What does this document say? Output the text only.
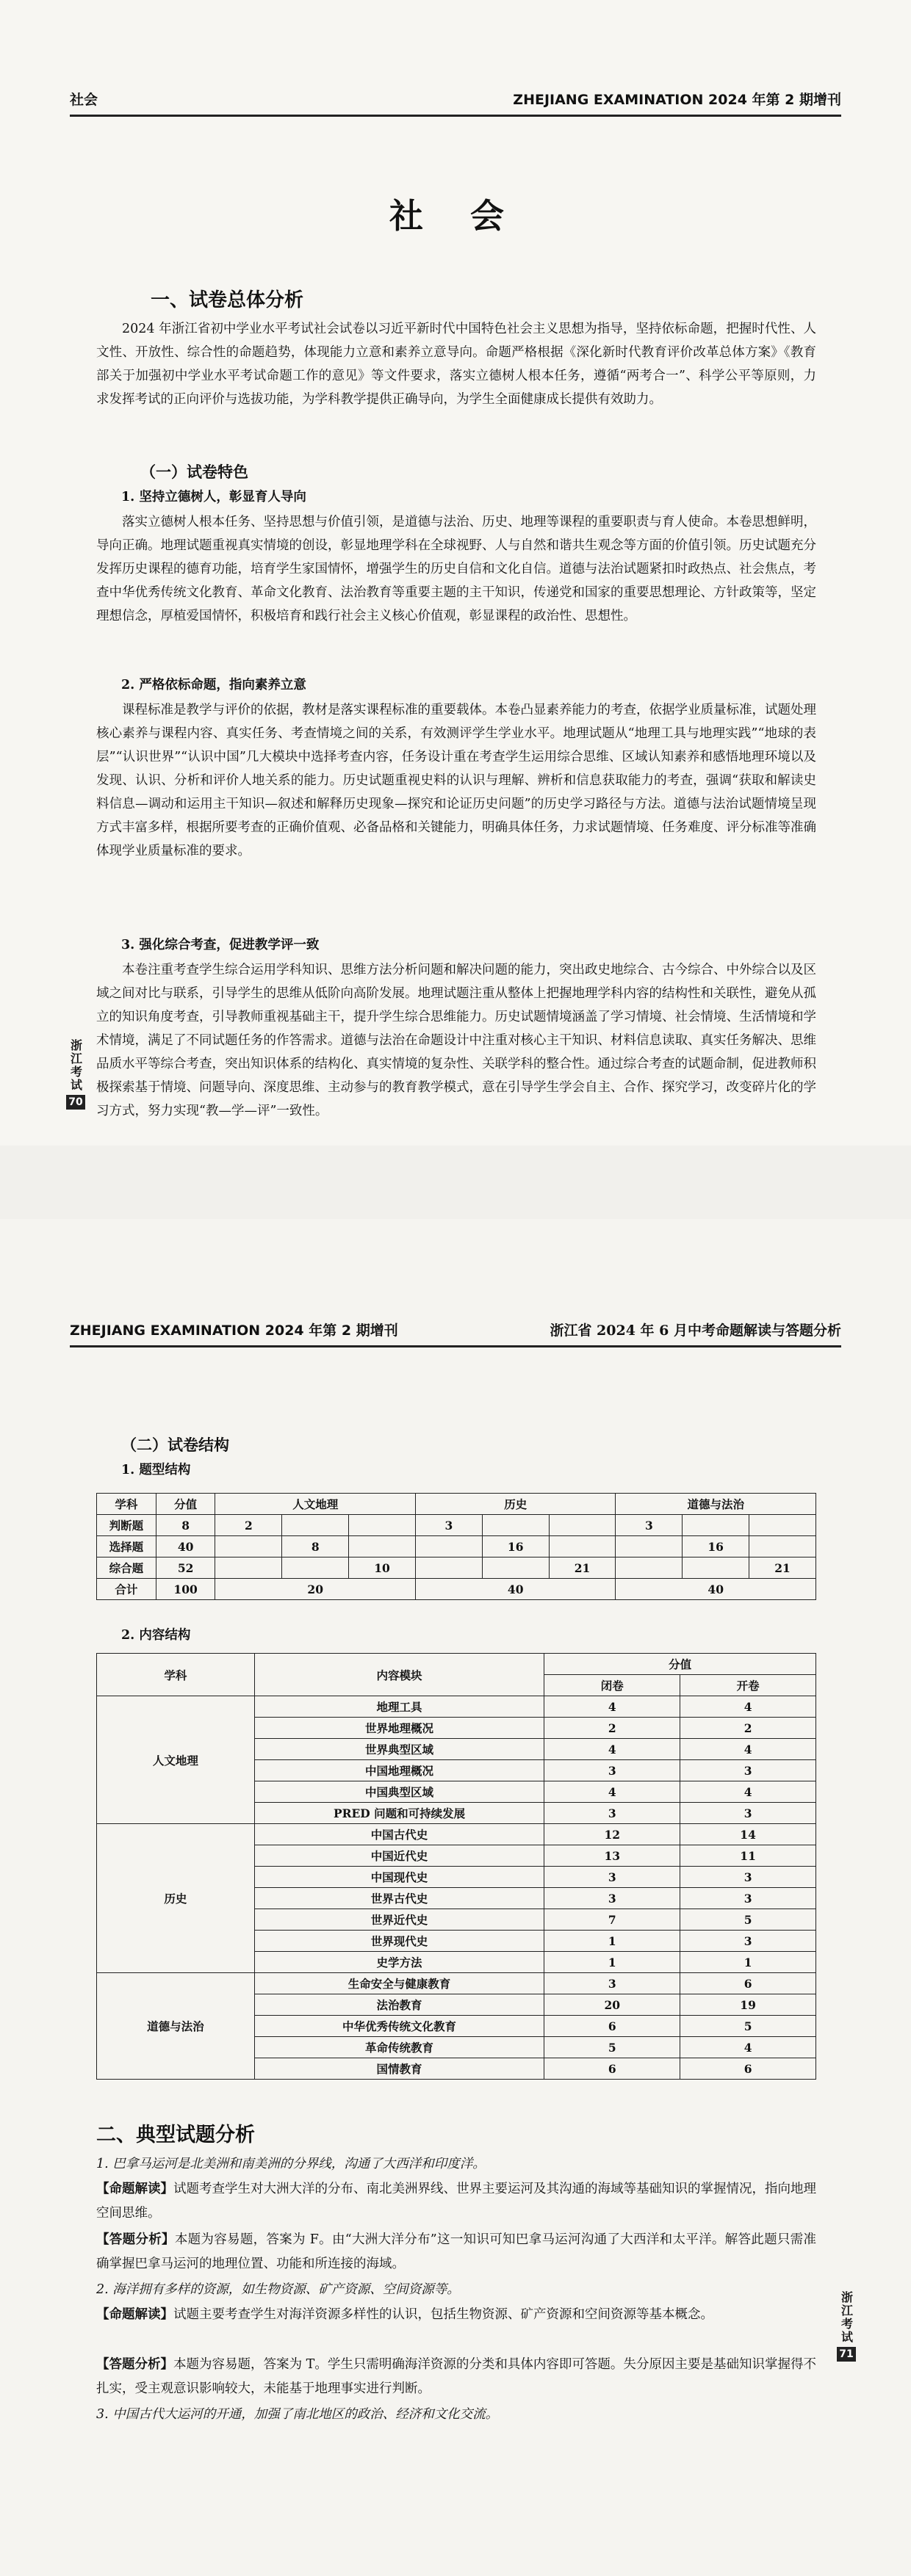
社会	ZHEJIANG EXAMINATION 2024 年第 2 期增刊
社 会
一、试卷总体分析
2024 年浙江省初中学业水平考试社会试卷以习近平新时代中国特色社会主义思想为指导，坚持依标命题，把握时代性、人文性、开放性、综合性的命题趋势，体现能力立意和素养立意导向。命题严格根据《深化新时代教育评价改革总体方案》《教育部关于加强初中学业水平考试命题工作的意见》等文件要求，落实立德树人根本任务，遵循“两考合一”、科学公平等原则，力求发挥考试的正向评价与选拔功能，为学科教学提供正确导向，为学生全面健康成长提供有效助力。
（一）试卷特色
1. 坚持立德树人，彰显育人导向
落实立德树人根本任务、坚持思想与价值引领，是道德与法治、历史、地理等课程的重要职责与育人使命。本卷思想鲜明，导向正确。地理试题重视真实情境的创设，彰显地理学科在全球视野、人与自然和谐共生观念等方面的价值引领。历史试题充分发挥历史课程的德育功能，培育学生家国情怀，增强学生的历史自信和文化自信。道德与法治试题紧扣时政热点、社会焦点，考查中华优秀传统文化教育、革命文化教育、法治教育等重要主题的主干知识，传递党和国家的重要思想理论、方针政策等，坚定理想信念，厚植爱国情怀，积极培育和践行社会主义核心价值观，彰显课程的政治性、思想性。
2. 严格依标命题，指向素养立意
课程标准是教学与评价的依据，教材是落实课程标准的重要载体。本卷凸显素养能力的考查，依据学业质量标准，试题处理核心素养与课程内容、真实任务、考查情境之间的关系，有效测评学生学业水平。地理试题从“地理工具与地理实践”“地球的表层”“认识世界”“认识中国”几大模块中选择考查内容，任务设计重在考查学生运用综合思维、区域认知素养和感悟地理环境以及发现、认识、分析和评价人地关系的能力。历史试题重视史料的认识与理解、辨析和信息获取能力的考查，强调“获取和解读史料信息—调动和运用主干知识—叙述和解释历史现象—探究和论证历史问题”的历史学习路径与方法。道德与法治试题情境呈现方式丰富多样，根据所要考查的正确价值观、必备品格和关键能力，明确具体任务，力求试题情境、任务难度、评分标准等准确体现学业质量标准的要求。
3. 强化综合考查，促进教学评一致
本卷注重考查学生综合运用学科知识、思维方法分析问题和解决问题的能力，突出政史地综合、古今综合、中外综合以及区域之间对比与联系，引导学生的思维从低阶向高阶发展。地理试题注重从整体上把握地理学科内容的结构性和关联性，避免从孤立的知识角度考查，引导教师重视基础主干，提升学生综合思维能力。历史试题情境涵盖了学习情境、社会情境、生活情境和学术情境，满足了不同试题任务的作答需求。道德与法治在命题设计中注重对核心主干知识、材料信息读取、真实任务解决、思维品质水平等综合考查，突出知识体系的结构化、真实情境的复杂性、关联学科的整合性。通过综合考查的试题命制，促进教师积极探索基于情境、问题导向、深度思维、主动参与的教育教学模式，意在引导学生学会自主、合作、探究学习，改变碎片化的学习方式，努力实现“教—学—评”一致性。
浙江考试
70
ZHEJIANG EXAMINATION 2024 年第 2 期增刊	浙江省 2024 年 6 月中考命题解读与答题分析
（二）试卷结构
1. 题型结构
学科	分值	人文地理			历史			道德与法治		
判断题	8	2			3			3		
选择题	40		8			16			16	
综合题	52			10			21			21
合计	100	20			40			40		
2. 内容结构
学科	内容模块	分值	
		闭卷	开卷
人文地理	地理工具	4	4
	世界地理概况	2	2
	世界典型区域	4	4
	中国地理概况	3	3
	中国典型区域	4	4
	PRED 问题和可持续发展	3	3
历史	中国古代史	12	14
	中国近代史	13	11
	中国现代史	3	3
	世界古代史	3	3
	世界近代史	7	5
	世界现代史	1	3
	史学方法	1	1
道德与法治	生命安全与健康教育	3	6
	法治教育	20	19
	中华优秀传统文化教育	6	5
	革命传统教育	5	4
	国情教育	6	6
二、典型试题分析
1. 巴拿马运河是北美洲和南美洲的分界线，沟通了大西洋和印度洋。
【命题解读】试题考查学生对大洲大洋的分布、南北美洲界线、世界主要运河及其沟通的海域等基础知识的掌握情况，指向地理空间思维。
【答题分析】本题为容易题，答案为 F。由“大洲大洋分布”这一知识可知巴拿马运河沟通了大西洋和太平洋。解答此题只需准确掌握巴拿马运河的地理位置、功能和所连接的海域。
2. 海洋拥有多样的资源，如生物资源、矿产资源、空间资源等。
【命题解读】试题主要考查学生对海洋资源多样性的认识，包括生物资源、矿产资源和空间资源等基本概念。
【答题分析】本题为容易题，答案为 T。学生只需明确海洋资源的分类和具体内容即可答题。失分原因主要是基础知识掌握得不扎实，受主观意识影响较大，未能基于地理事实进行判断。
3. 中国古代大运河的开通，加强了南北地区的政治、经济和文化交流。
浙江考试
71
